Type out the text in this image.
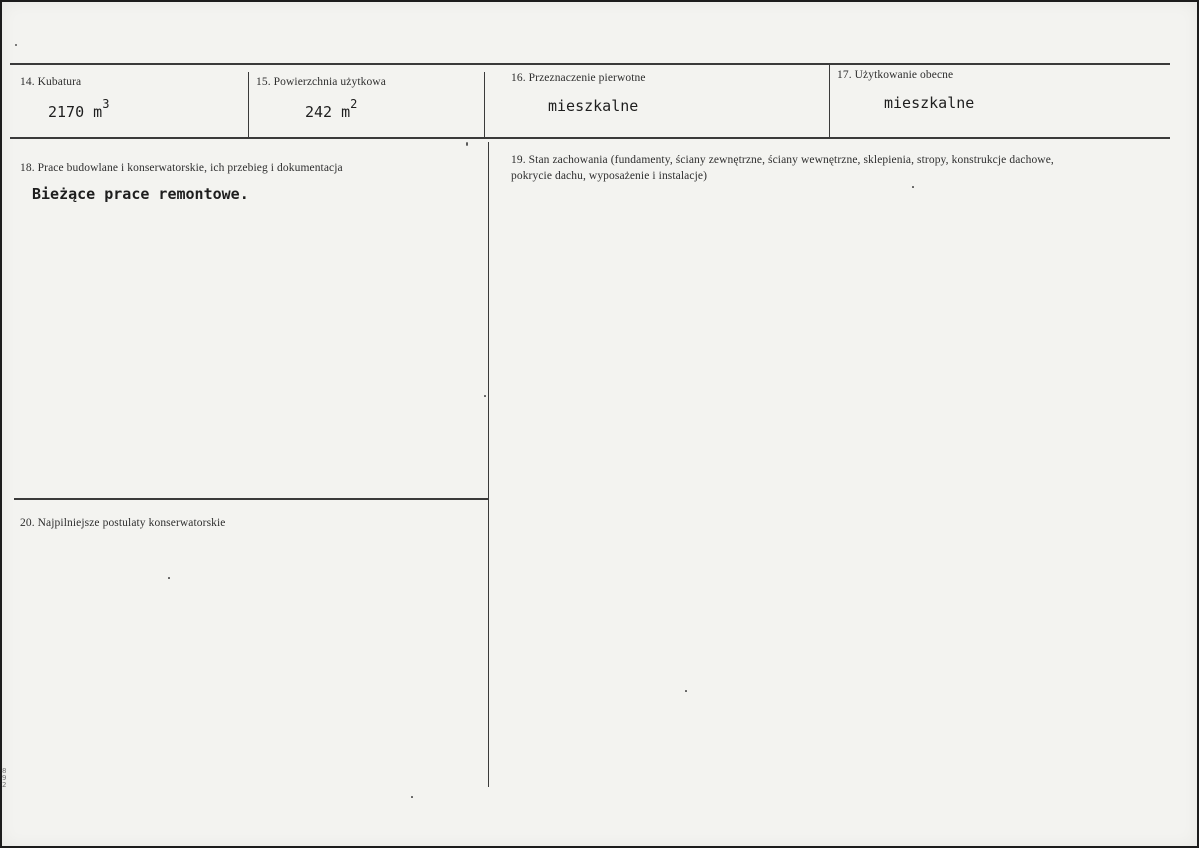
14. Kubatura
2170 $m^3$
15. Powierzchnia użytkowa
242 $m^2$
16. Przeznaczenie pierwotne
mieszkalne
17. Użytkowanie obecne
mieszkalne
18. Prace budowlane i konserwatorskie, ich przebieg i dokumentacja
Bieżące prace remontowe.
19. Stan zachowania (fundamenty, ściany zewnętrzne, ściany wewnętrzne, sklepienia, stropy, konstrukcje dachowe, pokrycie dachu, wyposażenie i instalacje)
20. Najpilniejsze postulaty konserwatorskie
8
9
2
